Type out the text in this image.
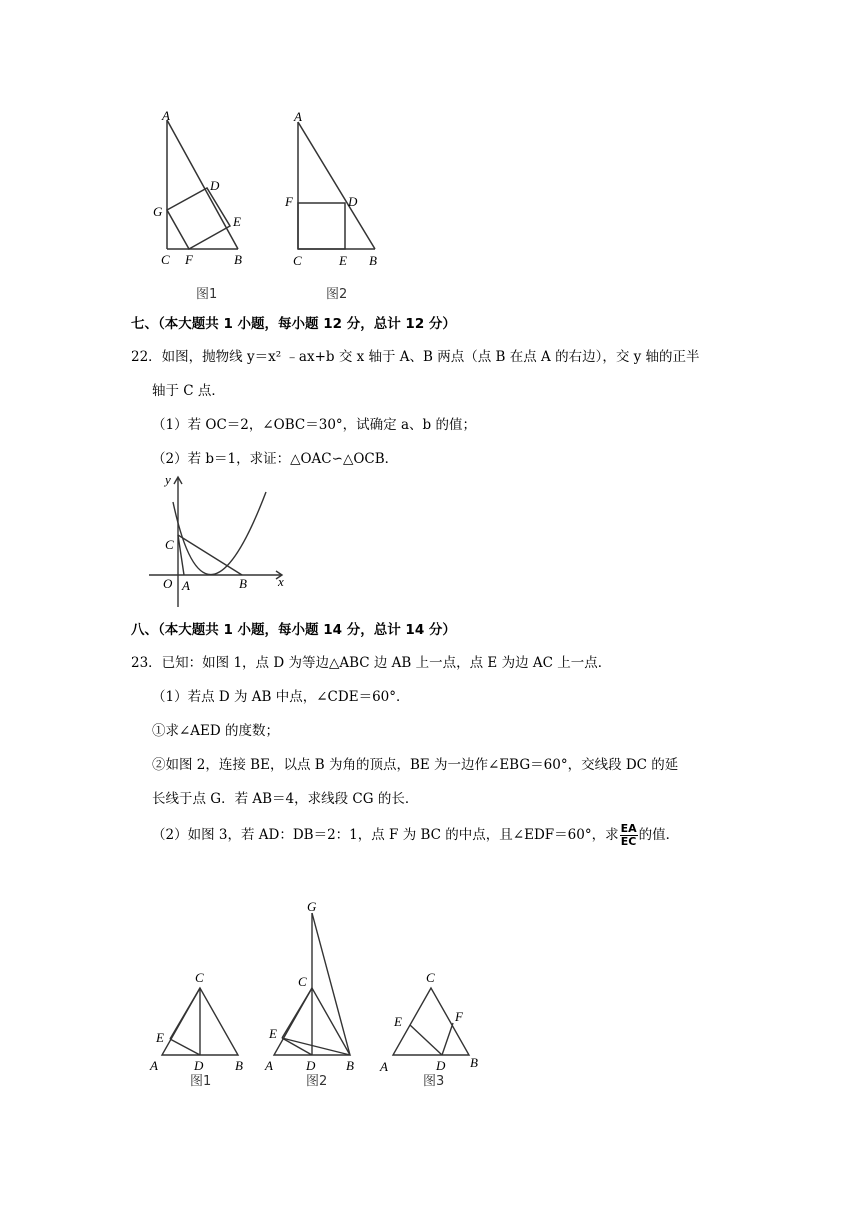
A
D
G
E
C F	B
图1
A
F	D
C	E B
图2
七、（本大题共 1 小题，每小题 12 分，总计 12 分）
22．如图，抛物线 y＝x² ﹣ax+b 交 x 轴于 A、B 两点（点 B 在点 A 的右边），交 y 轴的正半
轴于 C 点．
（1）若 OC＝2，∠OBC＝30°，试确定 a、b 的值；
（2）若 b＝1，求证：△OAC∽△OCB．
y
C
O A	B x
八、（本大题共 1 小题，每小题 14 分，总计 14 分）
23．已知：如图 1，点 D 为等边△ABC 边 AB 上一点，点 E 为边 AC 上一点．
（1）若点 D 为 AB 中点，∠CDE＝60°．
①求∠AED 的度数；
②如图 2，连接 BE，以点 B 为角的顶点，BE 为一边作∠EBG＝60°，交线段 DC 的延
长线于点 G．若 AB＝4，求线段 CG 的长．
（2）如图 3，若 AD：DB＝2：1，点 F 为 BC 的中点，且∠EDF＝60°，求 $\frac{EA}{EC}$ 的值．
C
E
A	D B
图1
G
C
E
A	D B
图2
C
E	F
A	D B
图3
